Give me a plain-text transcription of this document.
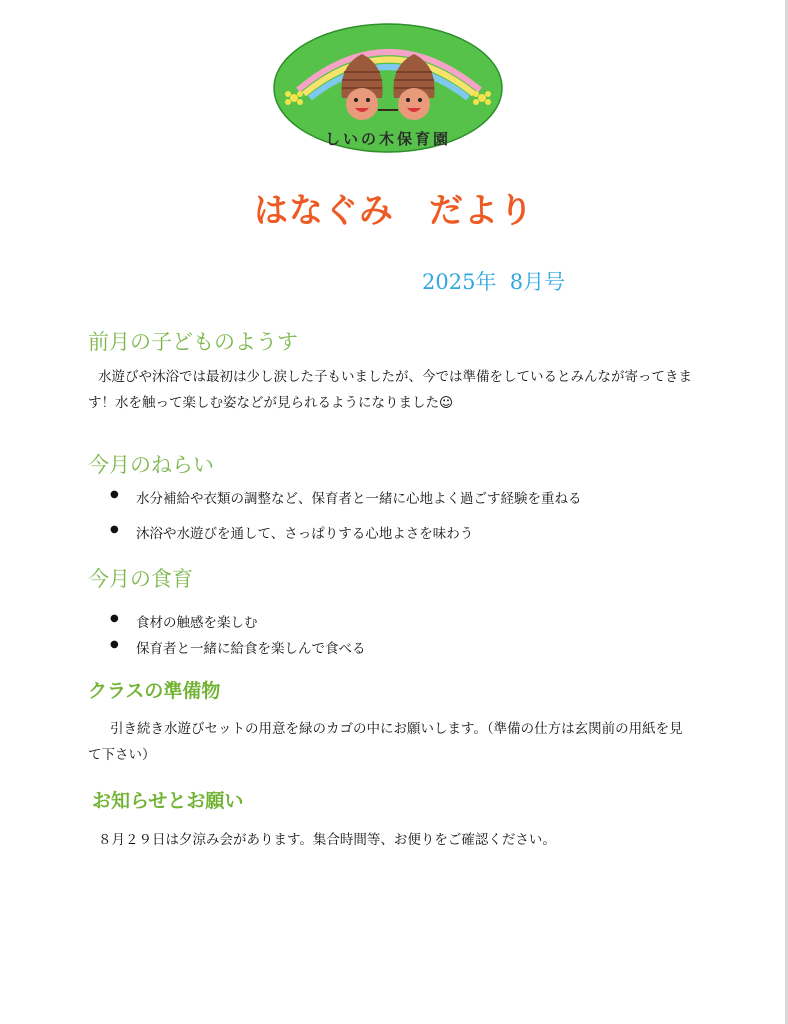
しいの木保育園
はなぐみ　だより
2025年  8月号
前月の子どものようす
水遊びや沐浴では最初は少し涙した子もいましたが、今では準備をしているとみんなが寄ってきます！水を触って楽しむ姿などが見られるようになりました☺
今月のねらい
● 水分補給や衣類の調整など、保育者と一緒に心地よく過ごす経験を重ねる
● 沐浴や水遊びを通して、さっぱりする心地よさを味わう
今月の食育
● 食材の触感を楽しむ
● 保育者と一緒に給食を楽しんで食べる
クラスの準備物
引き続き水遊びセットの用意を緑のカゴの中にお願いします。（準備の仕方は玄関前の用紙を見て下さい）
お知らせとお願い
８月２９日は夕涼み会があります。集合時間等、お便りをご確認ください。
